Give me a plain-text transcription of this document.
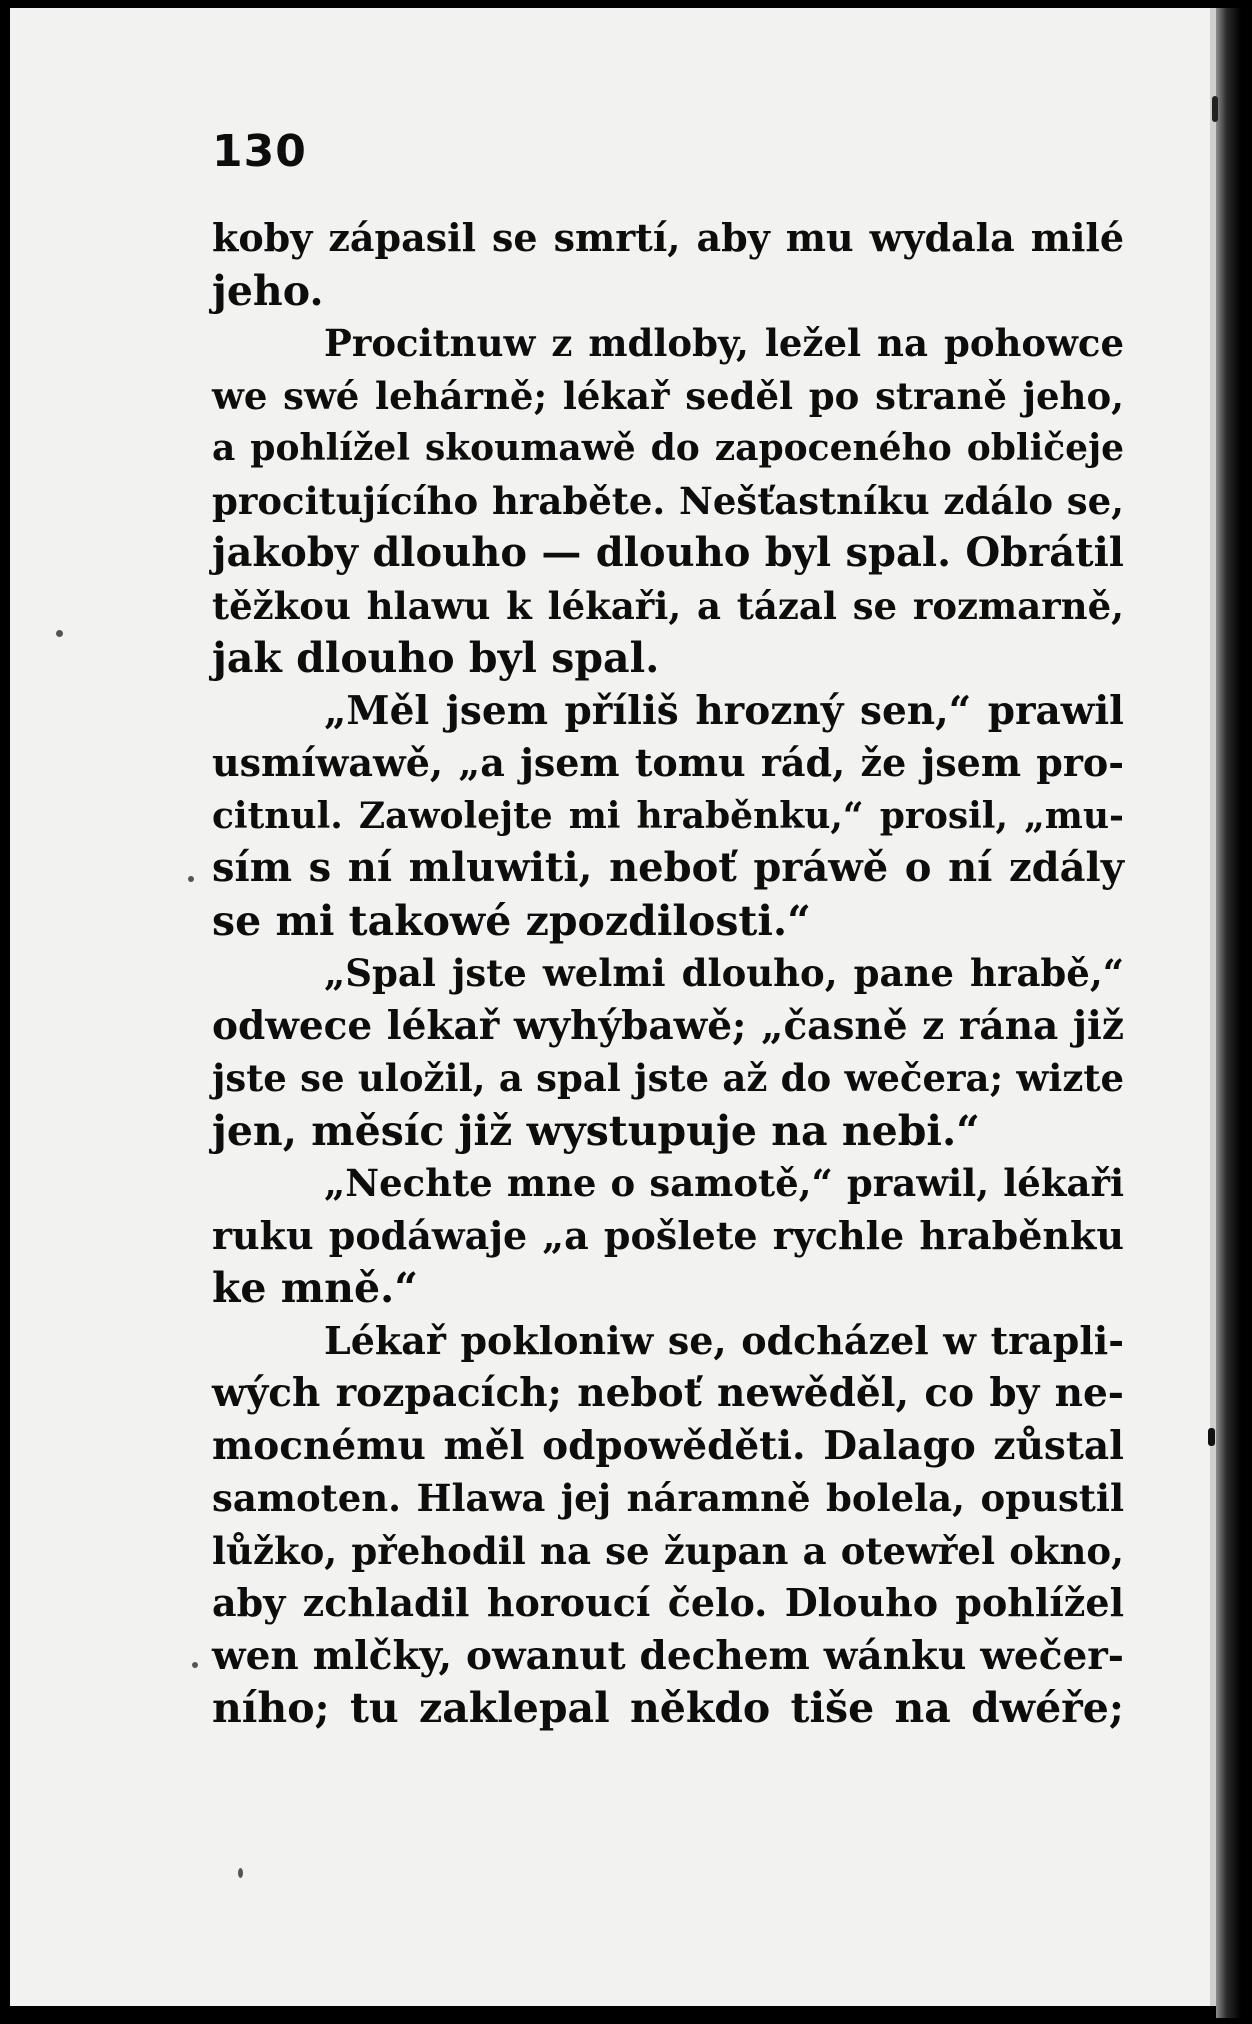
130
koby zápasil se smrtí, aby mu wydala milé
jeho.
Procitnuw z mdloby, ležel na pohowce
we swé lehárně; lékař seděl po straně jeho,
a pohlížel skoumawě do zapoceného obličeje
procitujícího hraběte. Nešťastníku zdálo se,
jakoby dlouho — dlouho byl spal. Obrátil
těžkou hlawu k lékaři, a tázal se rozmarně,
jak dlouho byl spal.
„Měl jsem příliš hrozný sen,“ prawil
usmíwawě, „a jsem tomu rád, že jsem pro-
citnul. Zawolejte mi hraběnku,“ prosil, „mu-
sím s ní mluwiti, neboť práwě o ní zdály
se mi takowé zpozdilosti.“
„Spal jste welmi dlouho, pane hrabě,“
odwece lékař wyhýbawě; „časně z rána již
jste se uložil, a spal jste až do wečera; wizte
jen, měsíc již wystupuje na nebi.“
„Nechte mne o samotě,“ prawil, lékaři
ruku podáwaje „a pošlete rychle hraběnku
ke mně.“
Lékař pokloniw se, odcházel w trapli-
wých rozpacích; neboť newěděl, co by ne-
mocnému měl odpowěděti. Dalago zůstal
samoten. Hlawa jej náramně bolela, opustil
lůžko, přehodil na se župan a otewřel okno,
aby zchladil horoucí čelo. Dlouho pohlížel
wen mlčky, owanut dechem wánku wečer-
ního; tu zaklepal někdo tiše na dwéře;
